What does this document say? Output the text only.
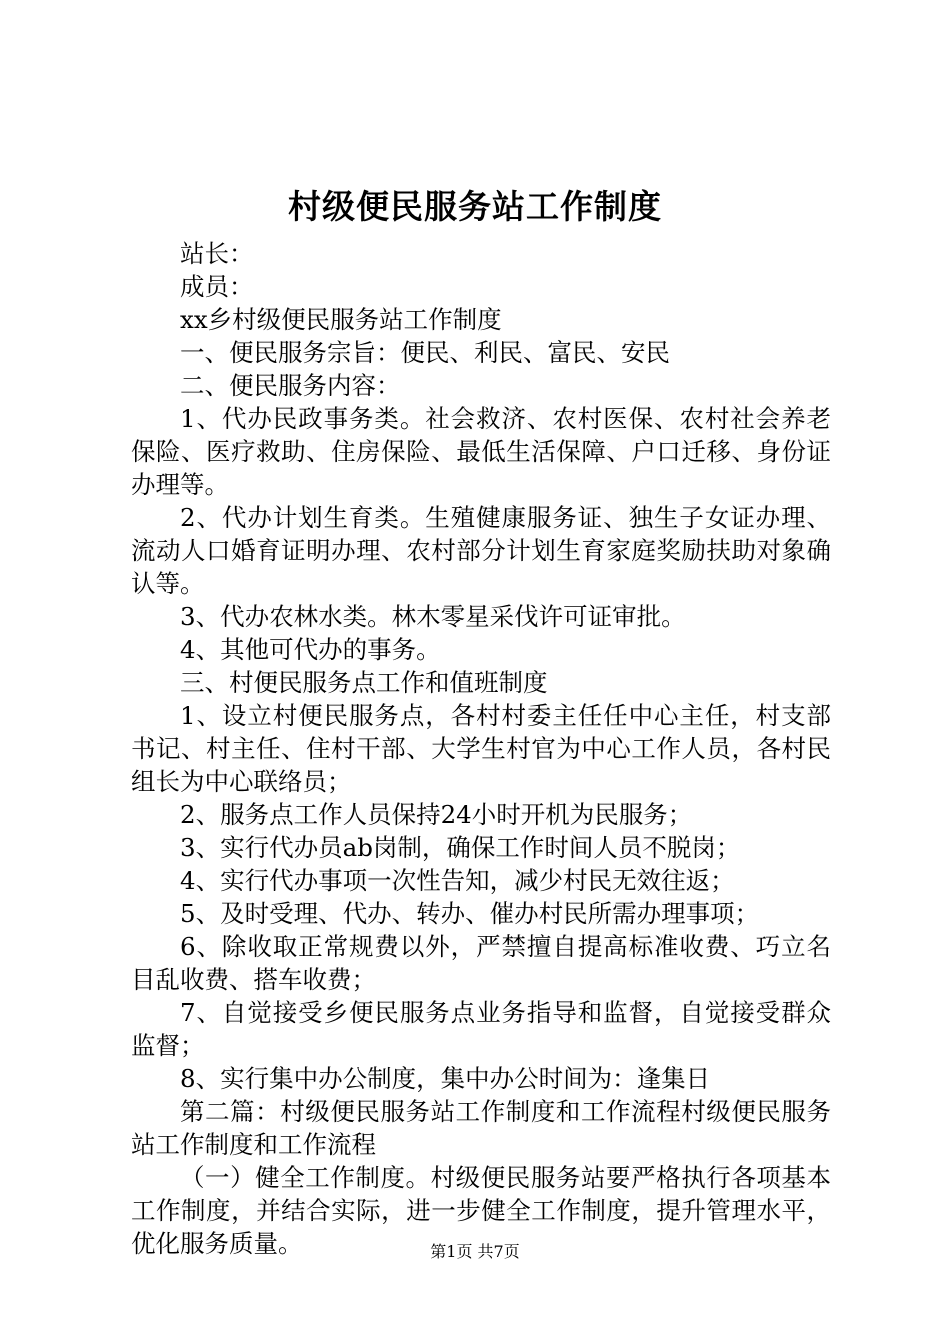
村级便民服务站工作制度

站长：

成员：

xx乡村级便民服务站工作制度

一、便民服务宗旨：便民、利民、富民、安民

二、便民服务内容：

1、代办民政事务类。社会救济、农村医保、农村社会养老保险、医疗救助、住房保险、最低生活保障、户口迁移、身份证办理等。

2、代办计划生育类。生殖健康服务证、独生子女证办理、流动人口婚育证明办理、农村部分计划生育家庭奖励扶助对象确认等。

3、代办农林水类。林木零星采伐许可证审批。

4、其他可代办的事务。

三、村便民服务点工作和值班制度

1、设立村便民服务点，各村村委主任任中心主任，村支部书记、村主任、住村干部、大学生村官为中心工作人员，各村民组长为中心联络员；

2、服务点工作人员保持24小时开机为民服务；

3、实行代办员ab岗制，确保工作时间人员不脱岗；

4、实行代办事项一次性告知，减少村民无效往返；

5、及时受理、代办、转办、催办村民所需办理事项；

6、除收取正常规费以外，严禁擅自提高标准收费、巧立名目乱收费、搭车收费；

7、自觉接受乡便民服务点业务指导和监督，自觉接受群众监督；

8、实行集中办公制度，集中办公时间为：逢集日

第二篇：村级便民服务站工作制度和工作流程村级便民服务站工作制度和工作流程

（一）健全工作制度。村级便民服务站要严格执行各项基本工作制度，并结合实际，进一步健全工作制度，提升管理水平，优化服务质量。	第1页 共7页
